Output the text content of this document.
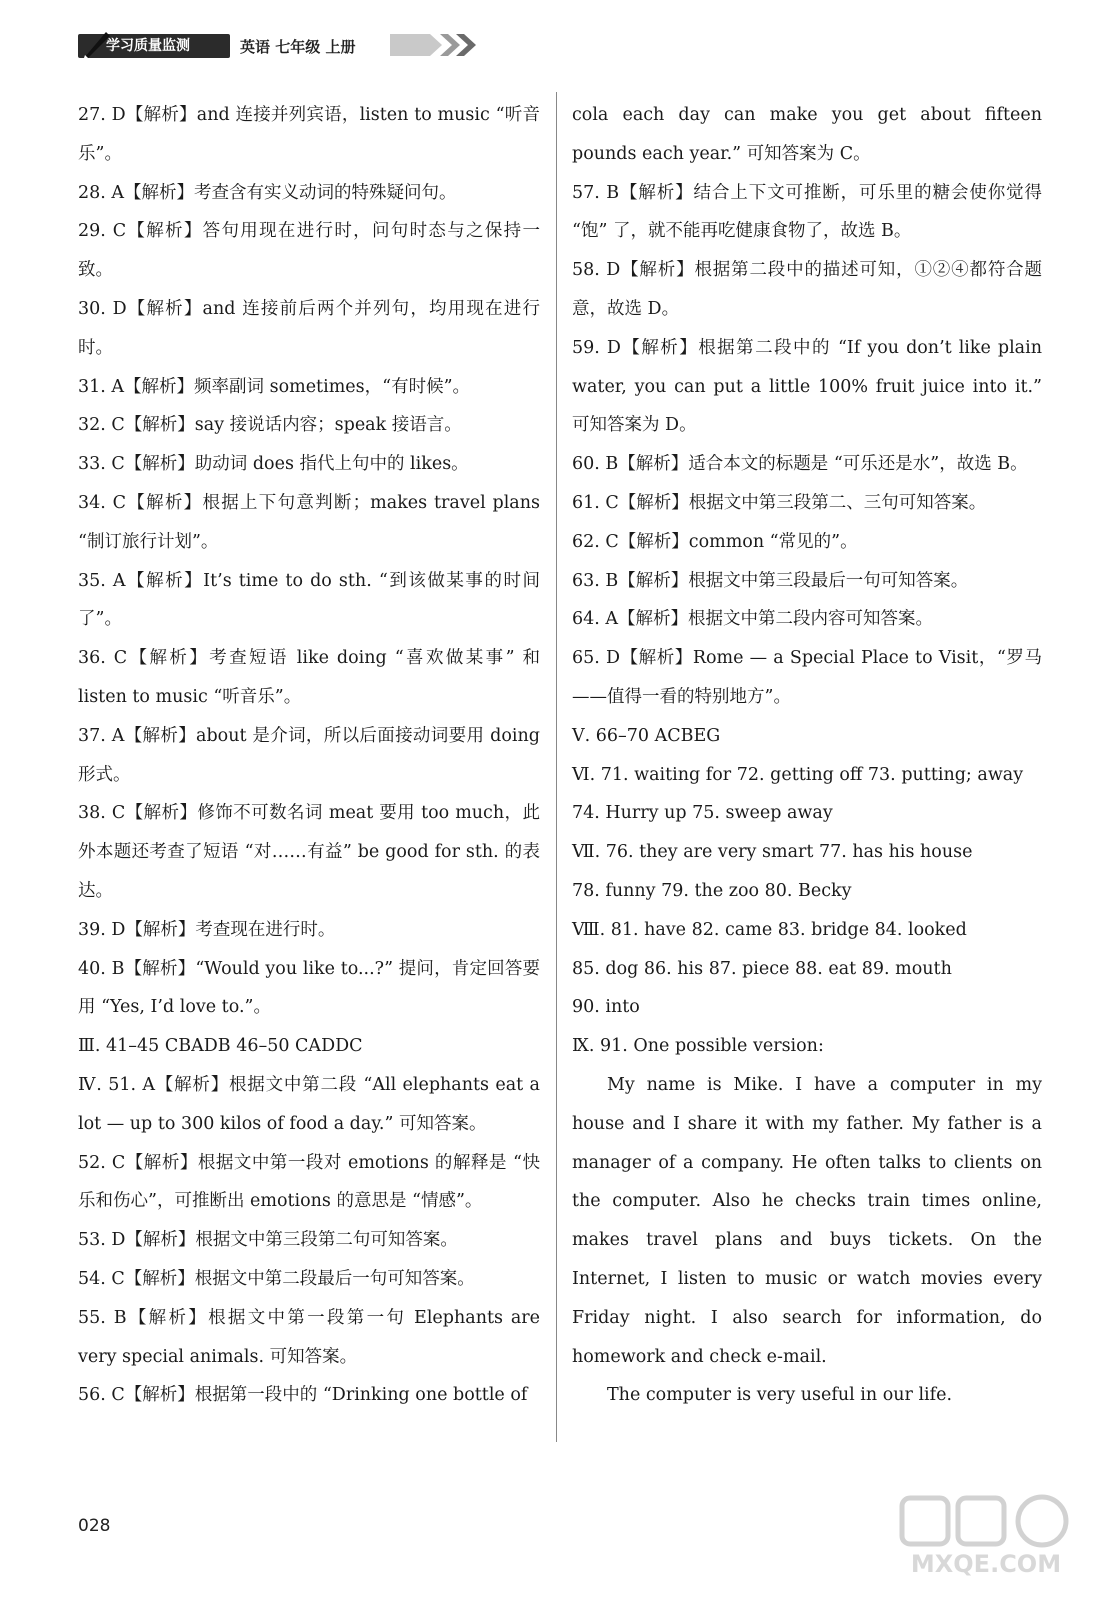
学习质量监测	英语 七年级 上册

27. D【解析】and 连接并列宾语，listen to music “听音乐”。

28. A【解析】考查含有实义动词的特殊疑问句。

29. C【解析】答句用现在进行时，问句时态与之保持一致。

30. D【解析】and 连接前后两个并列句，均用现在进行时。

31. A【解析】频率副词 sometimes，“有时候”。

32. C【解析】say 接说话内容；speak 接语言。

33. C【解析】助动词 does 指代上句中的 likes。

34. C【解析】根据上下句意判断；makes travel plans “制订旅行计划”。

35. A【解析】It’s time to do sth. “到该做某事的时间了”。

36. C【解析】考查短语 like doing “喜欢做某事” 和 listen to music “听音乐”。

37. A【解析】about 是介词，所以后面接动词要用 doing 形式。

38. C【解析】修饰不可数名词 meat 要用 too much，此外本题还考查了短语 “对……有益” be good for sth. 的表达。

39. D【解析】考查现在进行时。

40. B【解析】“Would you like to...?” 提问，肯定回答要用 “Yes, I’d love to.”。

Ⅲ. 41–45 CBADB 46–50 CADDC

Ⅳ. 51. A【解析】根据文中第二段 “All elephants eat a lot — up to 300 kilos of food a day.” 可知答案。

52. C【解析】根据文中第一段对 emotions 的解释是 “快乐和伤心”，可推断出 emotions 的意思是 “情感”。

53. D【解析】根据文中第三段第二句可知答案。

54. C【解析】根据文中第二段最后一句可知答案。

55. B【解析】根据文中第一段第一句 Elephants are very special animals. 可知答案。

56. C【解析】根据第一段中的 “Drinking one bottle of

cola each day can make you get about fifteen pounds each year.” 可知答案为 C。

57. B【解析】结合上下文可推断，可乐里的糖会使你觉得 “饱” 了，就不能再吃健康食物了，故选 B。

58. D【解析】根据第二段中的描述可知，①②④都符合题意，故选 D。

59. D【解析】根据第二段中的 “If you don’t like plain water, you can put a little 100% fruit juice into it.” 可知答案为 D。

60. B【解析】适合本文的标题是 “可乐还是水”，故选 B。

61. C【解析】根据文中第三段第二、三句可知答案。

62. C【解析】common “常见的”。

63. B【解析】根据文中第三段最后一句可知答案。

64. A【解析】根据文中第二段内容可知答案。

65. D【解析】Rome — a Special Place to Visit，“罗马——值得一看的特别地方”。

Ⅴ. 66–70 ACBEG

Ⅵ. 71. waiting for 72. getting off 73. putting; away

74. Hurry up 75. sweep away

Ⅶ. 76. they are very smart 77. has his house

78. funny 79. the zoo 80. Becky

Ⅷ. 81. have 82. came 83. bridge 84. looked

85. dog 86. his 87. piece 88. eat 89. mouth

90. into

Ⅸ. 91. One possible version:

My name is Mike. I have a computer in my house and I share it with my father. My father is a manager of a company. He often talks to clients on the computer. Also he checks train times online, makes travel plans and buys tickets. On the Internet, I listen to music or watch movies every Friday night. I also search for information, do homework and check e-mail.

The computer is very useful in our life.

028
MXQE.COM
